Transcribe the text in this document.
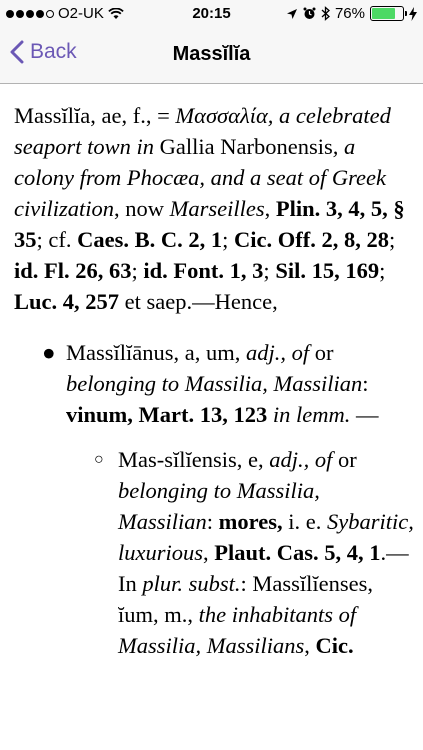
O2-UK	20:15	76%
Back	Massĭlĭa

Massĭlĭa, ae, f., = Μασσαλία, a celebrated seaport town in Gallia Narbonensis, a colony from Phocæa, and a seat of Greek civilization, now Marseilles, Plin. 3, 4, 5, § 35; cf. Caes. B. C. 2, 1; Cic. Off. 2, 8, 28; id. Fl. 26, 63; id. Font. 1, 3; Sil. 15, 169; Luc. 4, 257 et saep.—Hence,

● Massĭlĭānus, a, um, adj., of or belonging to Massilia, Massilian: vinum, Mart. 13, 123 in lemm. —
○ Mas-sĭlĭensis, e, adj., of or belonging to Massilia, Massilian: mores, i. e. Sybaritic, luxurious, Plaut. Cas. 5, 4, 1.—In plur. subst.: Massĭlĭenses, ĭum, m., the inhabitants of Massilia, Massilians, Cic.
